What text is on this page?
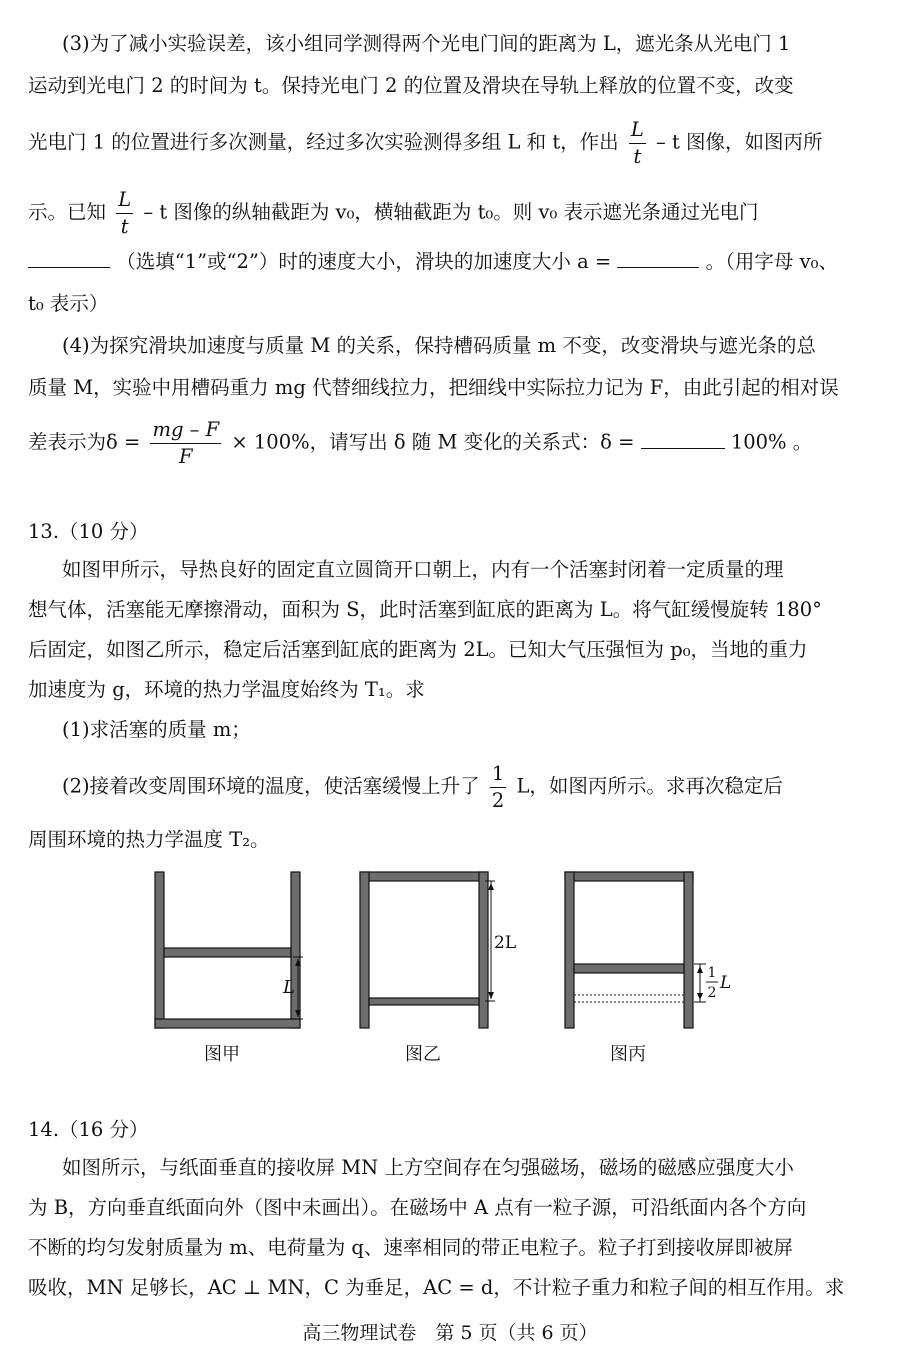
(3)为了减小实验误差，该小组同学测得两个光电门间的距离为 L，遮光条从光电门 1
运动到光电门 2 的时间为 t。保持光电门 2 的位置及滑块在导轨上释放的位置不变，改变
光电门 1 的位置进行多次测量，经过多次实验测得多组 L 和 t，作出 $\frac{L}{t}$ – t 图像，如图丙所
示。已知 $\frac{L}{t}$ – t 图像的纵轴截距为 v₀，横轴截距为 t₀。则 v₀ 表示遮光条通过光电门
（选填“1”或“2”）时的速度大小，滑块的加速度大小 a =	。（用字母 v₀、
t₀ 表示）
(4)为探究滑块加速度与质量 M 的关系，保持槽码质量 m 不变，改变滑块与遮光条的总
质量 M，实验中用槽码重力 mg 代替细线拉力，把细线中实际拉力记为 F，由此引起的相对误
差表示为$\delta = \frac{mg - F}{F} \times 100\%$，请写出 δ 随 M 变化的关系式：δ =	100% 。
13.（10 分）
如图甲所示，导热良好的固定直立圆筒开口朝上，内有一个活塞封闭着一定质量的理
想气体，活塞能无摩擦滑动，面积为 S，此时活塞到缸底的距离为 L。将气缸缓慢旋转 180°
后固定，如图乙所示，稳定后活塞到缸底的距离为 2L。已知大气压强恒为 p₀，当地的重力
加速度为 g，环境的热力学温度始终为 T₁。求
(1)求活塞的质量 m；
(2)接着改变周围环境的温度，使活塞缓慢上升了 $\frac{1}{2}$ L，如图丙所示。求再次稳定后
周围环境的热力学温度 T₂。
L
2L
1
2 L
图甲	图乙	图丙
14.（16 分）
如图所示，与纸面垂直的接收屏 MN 上方空间存在匀强磁场，磁场的磁感应强度大小
为 B，方向垂直纸面向外（图中未画出）。在磁场中 A 点有一粒子源，可沿纸面内各个方向
不断的均匀发射质量为 m、电荷量为 q、速率相同的带正电粒子。粒子打到接收屏即被屏
吸收，MN 足够长，AC ⊥ MN，C 为垂足，AC = d，不计粒子重力和粒子间的相互作用。求
高三物理试卷　第 5 页（共 6 页）
